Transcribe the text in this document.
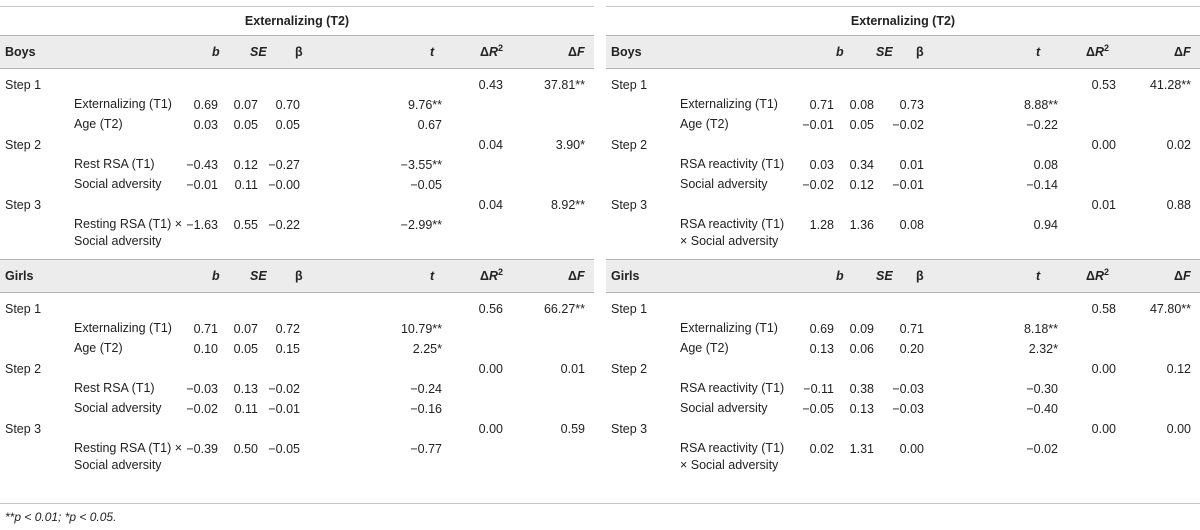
Externalizing (T2)
Boys	b SE β	t	$\Delta R^2$	ΔF
Step 1	0.43	37.81**
Externalizing (T1)	0.69 0.07 0.70	9.76**
Age (T2)	0.03 0.05 0.05	0.67
Step 2	0.04	3.90*
Rest RSA (T1)	−0.43 0.12 −0.27	−3.55**
Social adversity	−0.01 0.11 −0.00	−0.05
Step 3	0.04	8.92**
Resting RSA (T1) × Social adversity
−1.63 0.55 −0.22	−2.99**
Girls	b SE β	t	$\Delta R^2$	ΔF
Step 1	0.56	66.27**
Externalizing (T1)	0.71 0.07 0.72	10.79**
Age (T2)	0.10 0.05 0.15	2.25*
Step 2	0.00	0.01
Rest RSA (T1)	−0.03 0.13 −0.02	−0.24
Social adversity	−0.02 0.11 −0.01	−0.16
Step 3	0.00	0.59
Resting RSA (T1) × Social adversity
−0.39 0.50 −0.05	−0.77
Externalizing (T2)
Boys	b	SE β	t	$\Delta R^2$	ΔF
Step 1	0.53	41.28**
Externalizing (T1)	0.71 0.08 0.73	8.88**
Age (T2)	−0.01 0.05 −0.02	−0.22
Step 2	0.00	0.02
RSA reactivity (T1)	0.03 0.34 0.01	0.08
Social adversity	−0.02 0.12 −0.01	−0.14
Step 3	0.01	0.88
RSA reactivity (T1) × Social adversity
1.28 1.36 0.08	0.94
Girls	b	SE β	t	$\Delta R^2$	ΔF
Step 1	0.58	47.80**
Externalizing (T1)	0.69 0.09 0.71	8.18**
Age (T2)	0.13 0.06 0.20	2.32*
Step 2	0.00	0.12
RSA reactivity (T1)	−0.11 0.38 −0.03	−0.30
Social adversity	−0.05 0.13 −0.03	−0.40
Step 3	0.00	0.00
RSA reactivity (T1) × Social adversity
0.02 1.31 0.00	−0.02
**p < 0.01; *p < 0.05.
